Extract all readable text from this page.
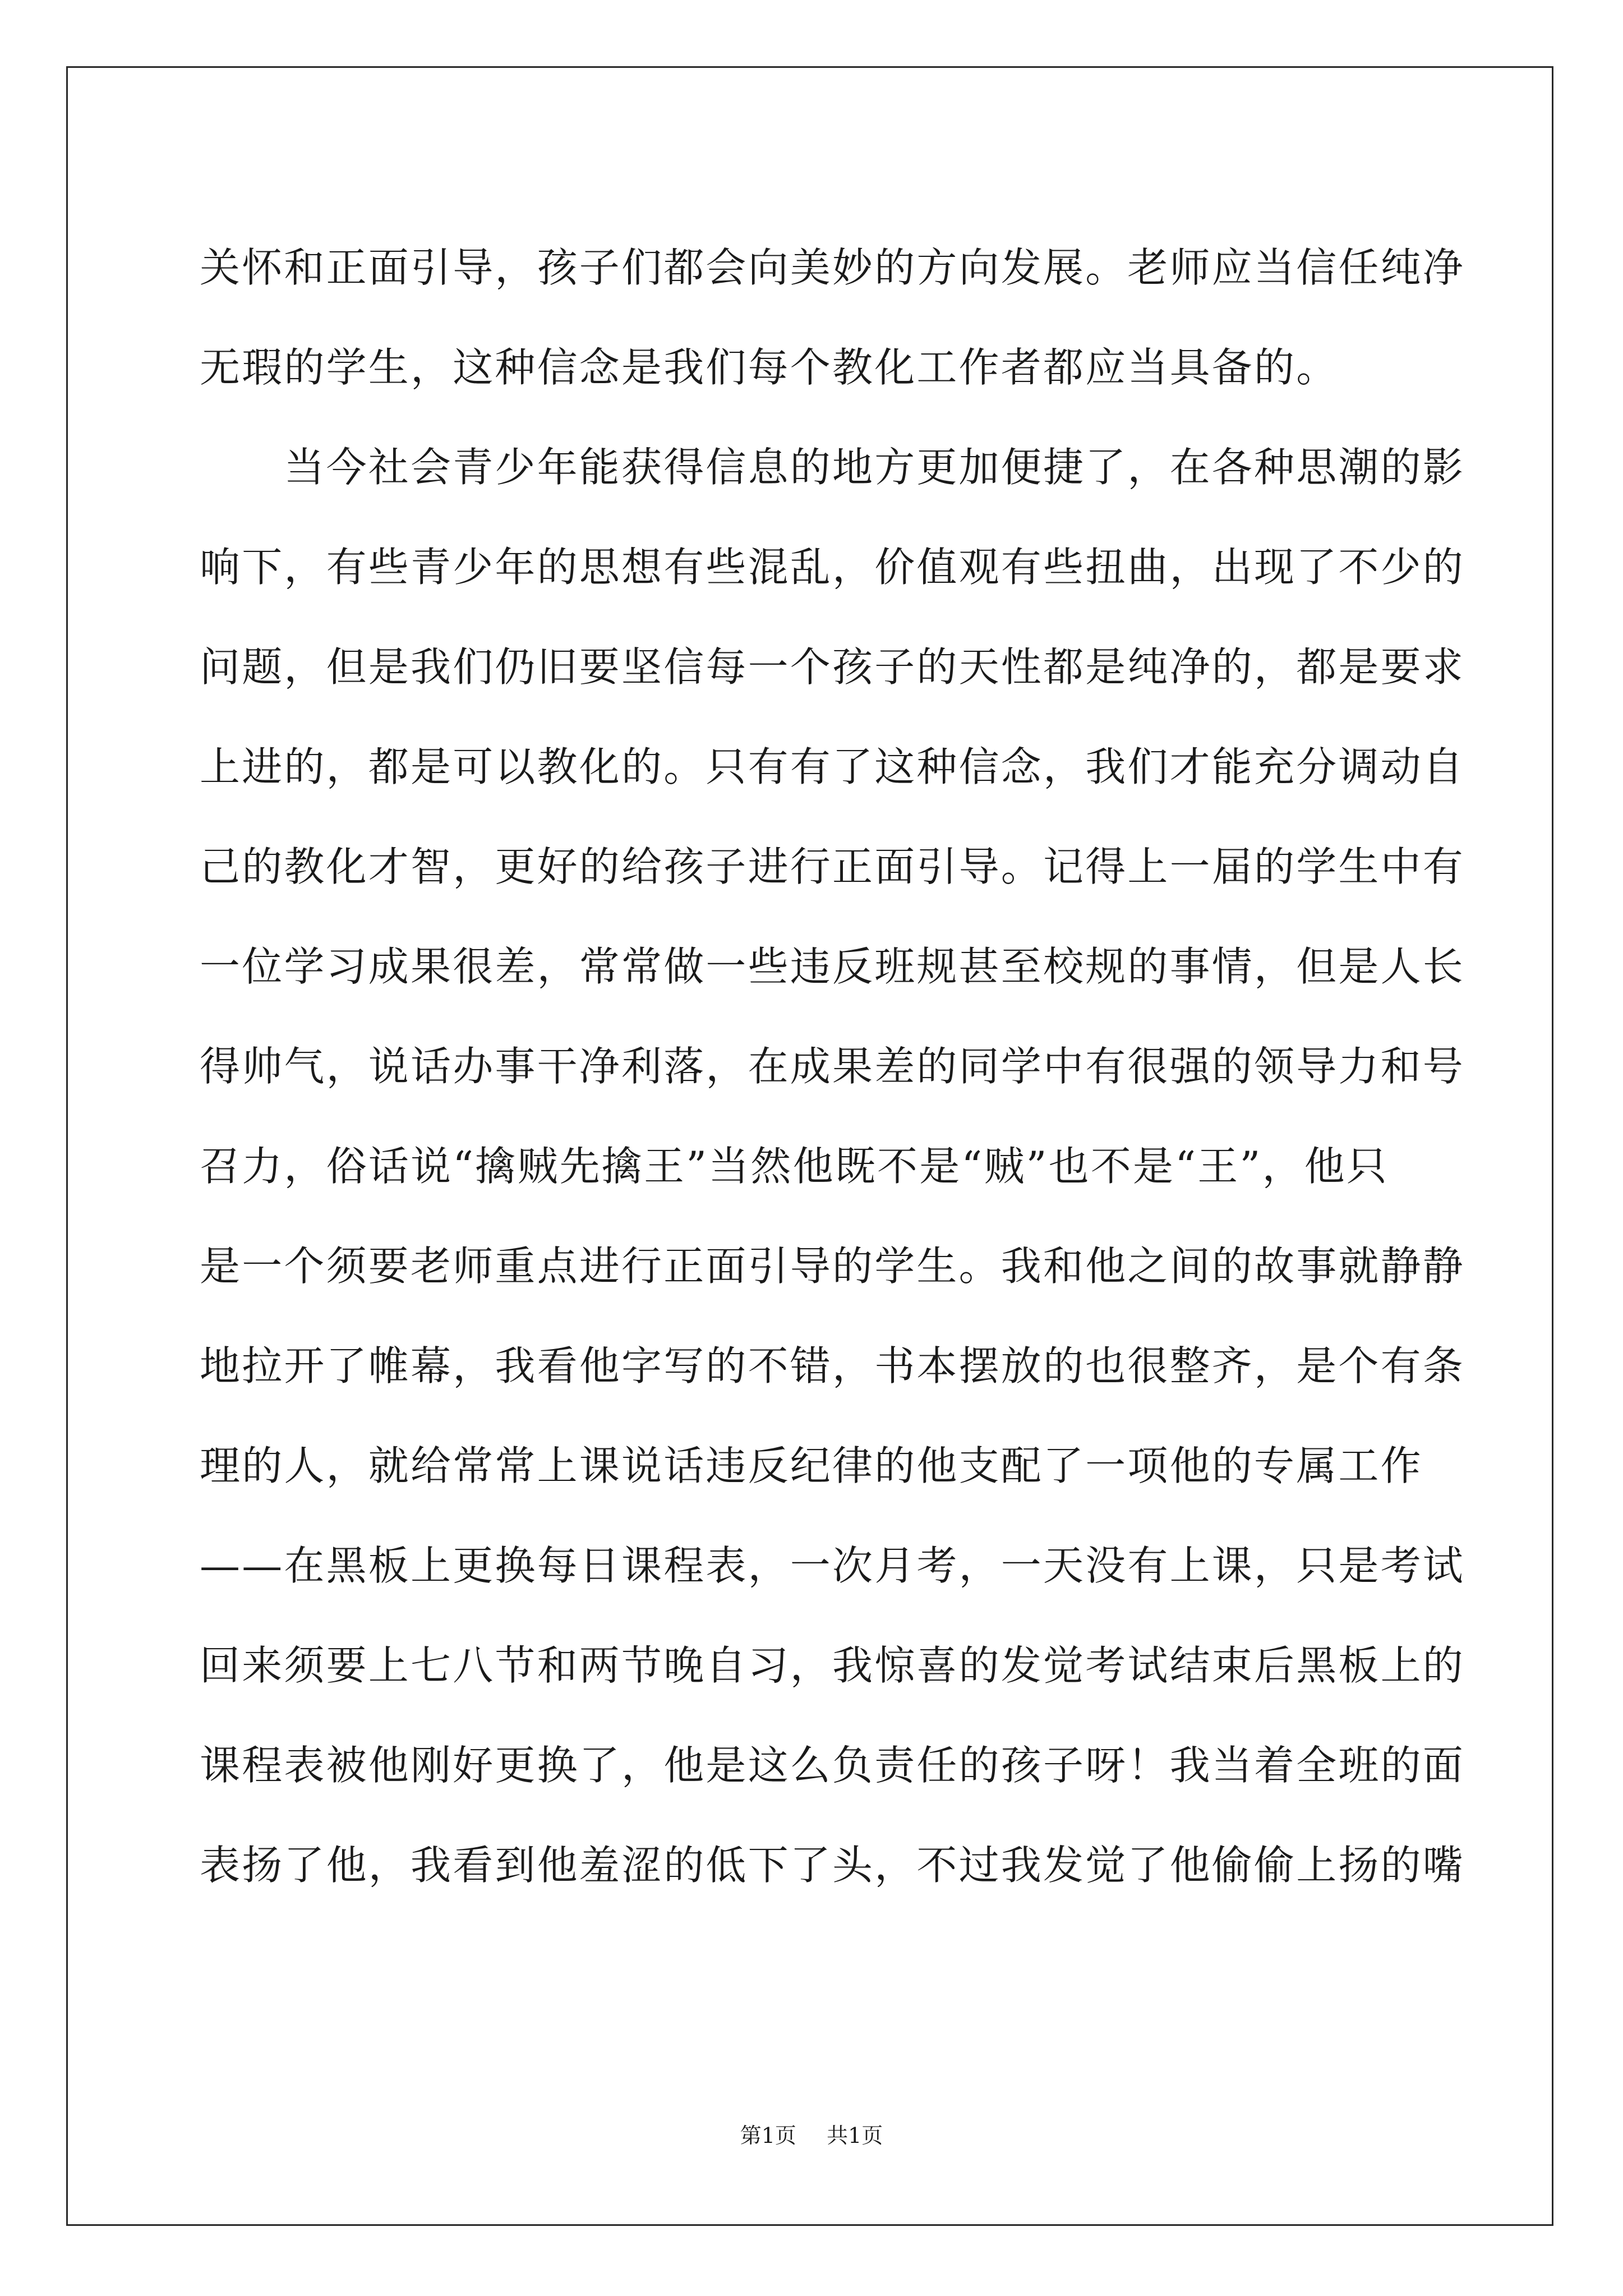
关怀和正面引导，孩子们都会向美妙的方向发展。老师应当信任纯净
无瑕的学生，这种信念是我们每个教化工作者都应当具备的。
　　当今社会青少年能获得信息的地方更加便捷了，在各种思潮的影
响下，有些青少年的思想有些混乱，价值观有些扭曲，出现了不少的
问题，但是我们仍旧要坚信每一个孩子的天性都是纯净的，都是要求
上进的，都是可以教化的。只有有了这种信念，我们才能充分调动自
己的教化才智，更好的给孩子进行正面引导。记得上一届的学生中有
一位学习成果很差，常常做一些违反班规甚至校规的事情，但是人长
得帅气，说话办事干净利落，在成果差的同学中有很强的领导力和号
召力，俗话说“擒贼先擒王”当然他既不是“贼”也不是“王”，他只
是一个须要老师重点进行正面引导的学生。我和他之间的故事就静静
地拉开了帷幕，我看他字写的不错，书本摆放的也很整齐，是个有条
理的人，就给常常上课说话违反纪律的他支配了一项他的专属工作
——在黑板上更换每日课程表，一次月考，一天没有上课，只是考试
回来须要上七八节和两节晚自习，我惊喜的发觉考试结束后黑板上的
课程表被他刚好更换了，他是这么负责任的孩子呀！我当着全班的面
表扬了他，我看到他羞涩的低下了头，不过我发觉了他偷偷上扬的嘴
第1页 共1页
